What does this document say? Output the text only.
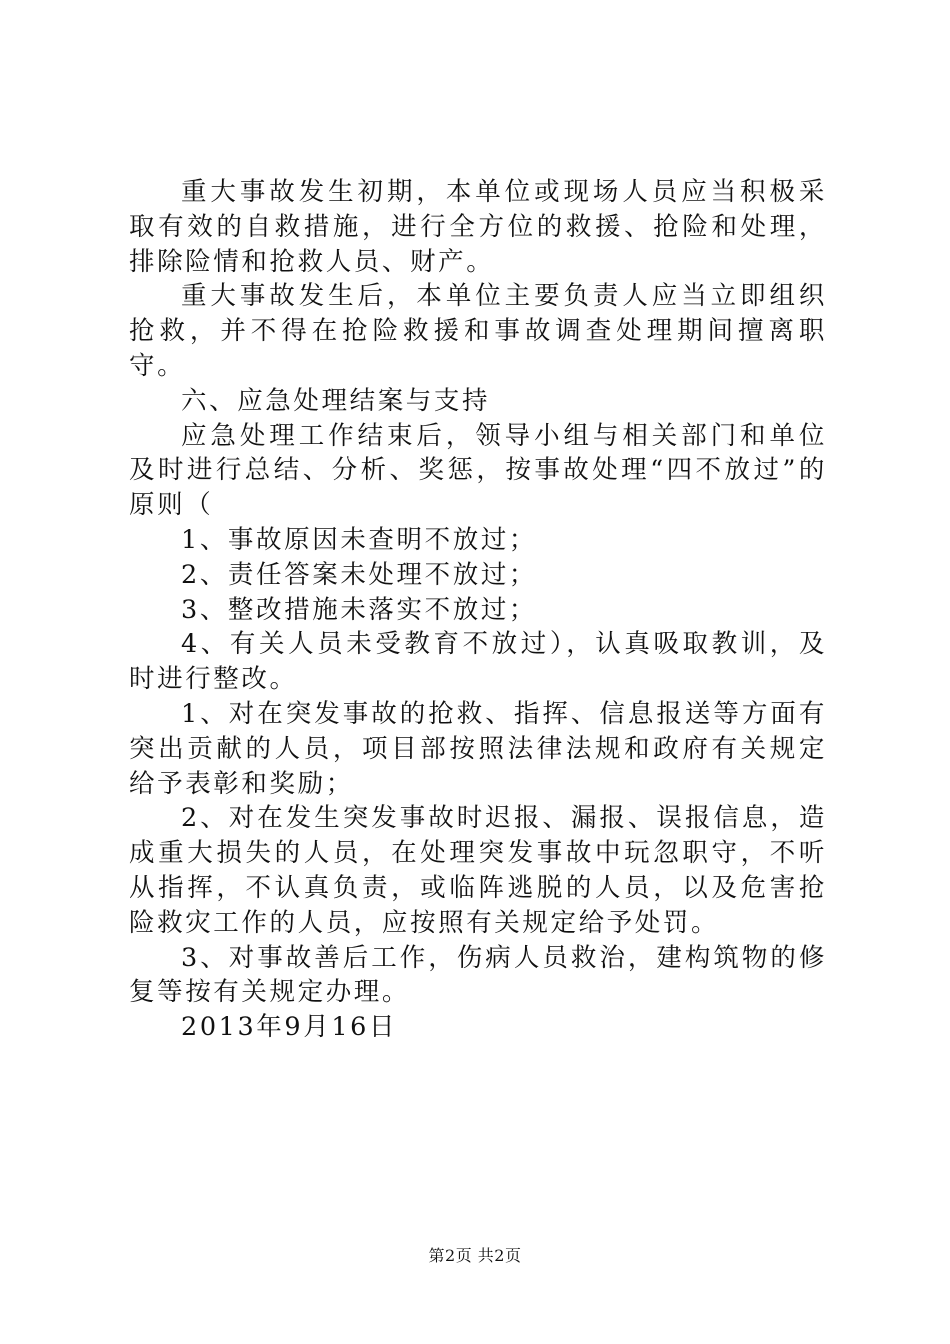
重大事故发生初期，本单位或现场人员应当积极采取有效的自救措施，进行全方位的救援、抢险和处理，排除险情和抢救人员、财产。

重大事故发生后，本单位主要负责人应当立即组织抢救，并不得在抢险救援和事故调查处理期间擅离职守。

六、应急处理结案与支持

应急处理工作结束后，领导小组与相关部门和单位及时进行总结、分析、奖惩，按事故处理“四不放过”的原则（

1、事故原因未查明不放过；

2、责任答案未处理不放过；

3、整改措施未落实不放过；

4、有关人员未受教育不放过），认真吸取教训，及时进行整改。

1、对在突发事故的抢救、指挥、信息报送等方面有突出贡献的人员，项目部按照法律法规和政府有关规定给予表彰和奖励；

2、对在发生突发事故时迟报、漏报、误报信息，造成重大损失的人员，在处理突发事故中玩忽职守，不听从指挥，不认真负责，或临阵逃脱的人员，以及危害抢险救灾工作的人员，应按照有关规定给予处罚。

3、对事故善后工作，伤病人员救治，建构筑物的修复等按有关规定办理。

2013年9月16日

第2页 共2页
